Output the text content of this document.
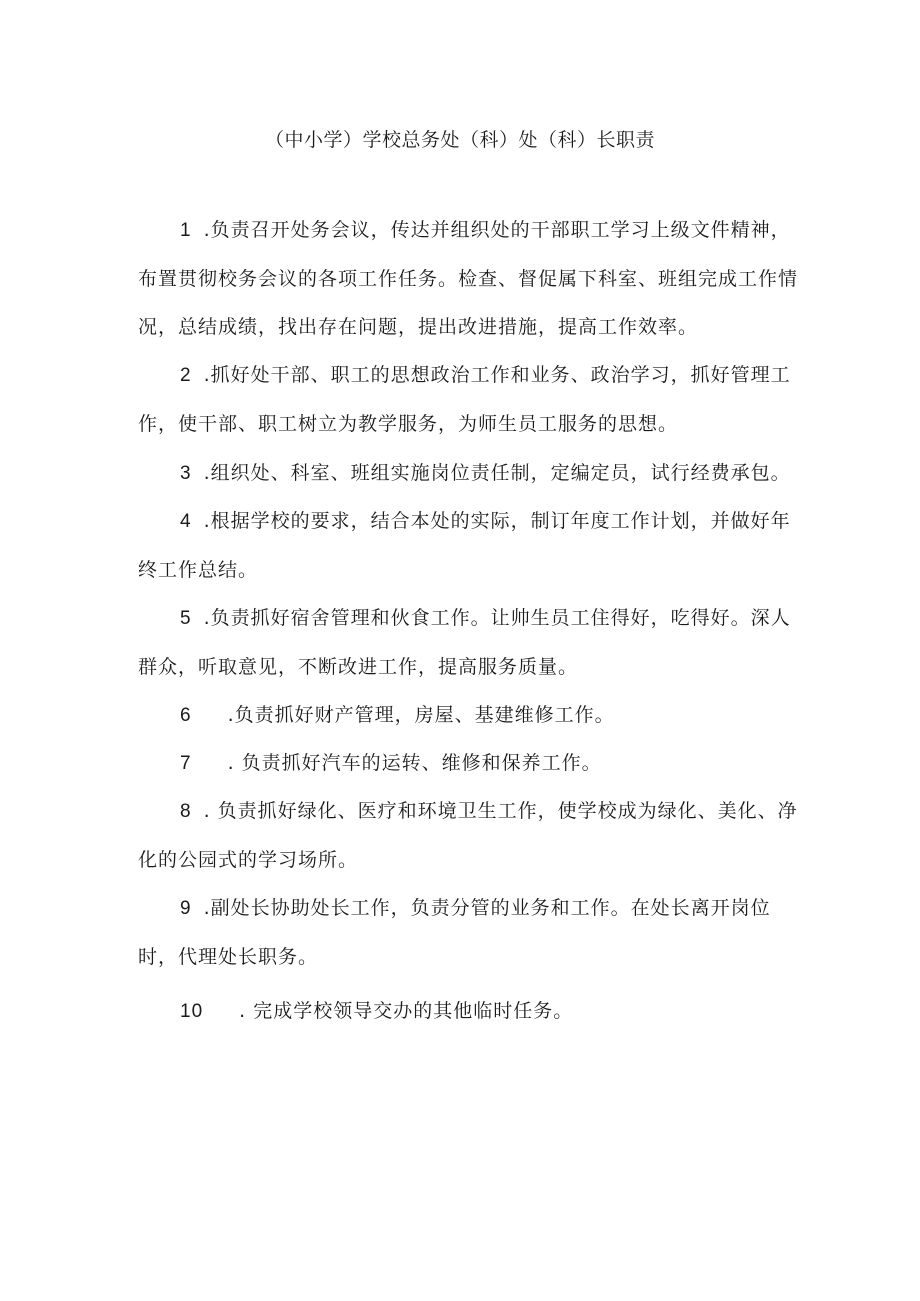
（中小学）学校总务处（科）处（科）长职责
1 .负责召开处务会议，传达并组织处的干部职工学习上级文件精神，布置贯彻校务会议的各项工作任务。检查、督促属下科室、班组完成工作情况，总结成绩，找出存在问题，提出改进措施，提高工作效率。
2 .抓好处干部、职工的思想政治工作和业务、政治学习，抓好管理工作，使干部、职工树立为教学服务，为师生员工服务的思想。
3 .组织处、科室、班组实施岗位责任制，定编定员，试行经费承包。
4 .根据学校的要求，结合本处的实际，制订年度工作计划，并做好年终工作总结。
5 .负责抓好宿舍管理和伙食工作。让帅生员工住得好，吃得好。深人群众，听取意见，不断改进工作，提高服务质量。
6 .负责抓好财产管理，房屋、基建维修工作。
7 . 负责抓好汽车的运转、维修和保养工作。
8 . 负责抓好绿化、医疗和环境卫生工作，使学校成为绿化、美化、净化的公园式的学习场所。
9 .副处长协助处长工作，负责分管的业务和工作。在处长离开岗位时，代理处长职务。
10 . 完成学校领导交办的其他临时任务。
